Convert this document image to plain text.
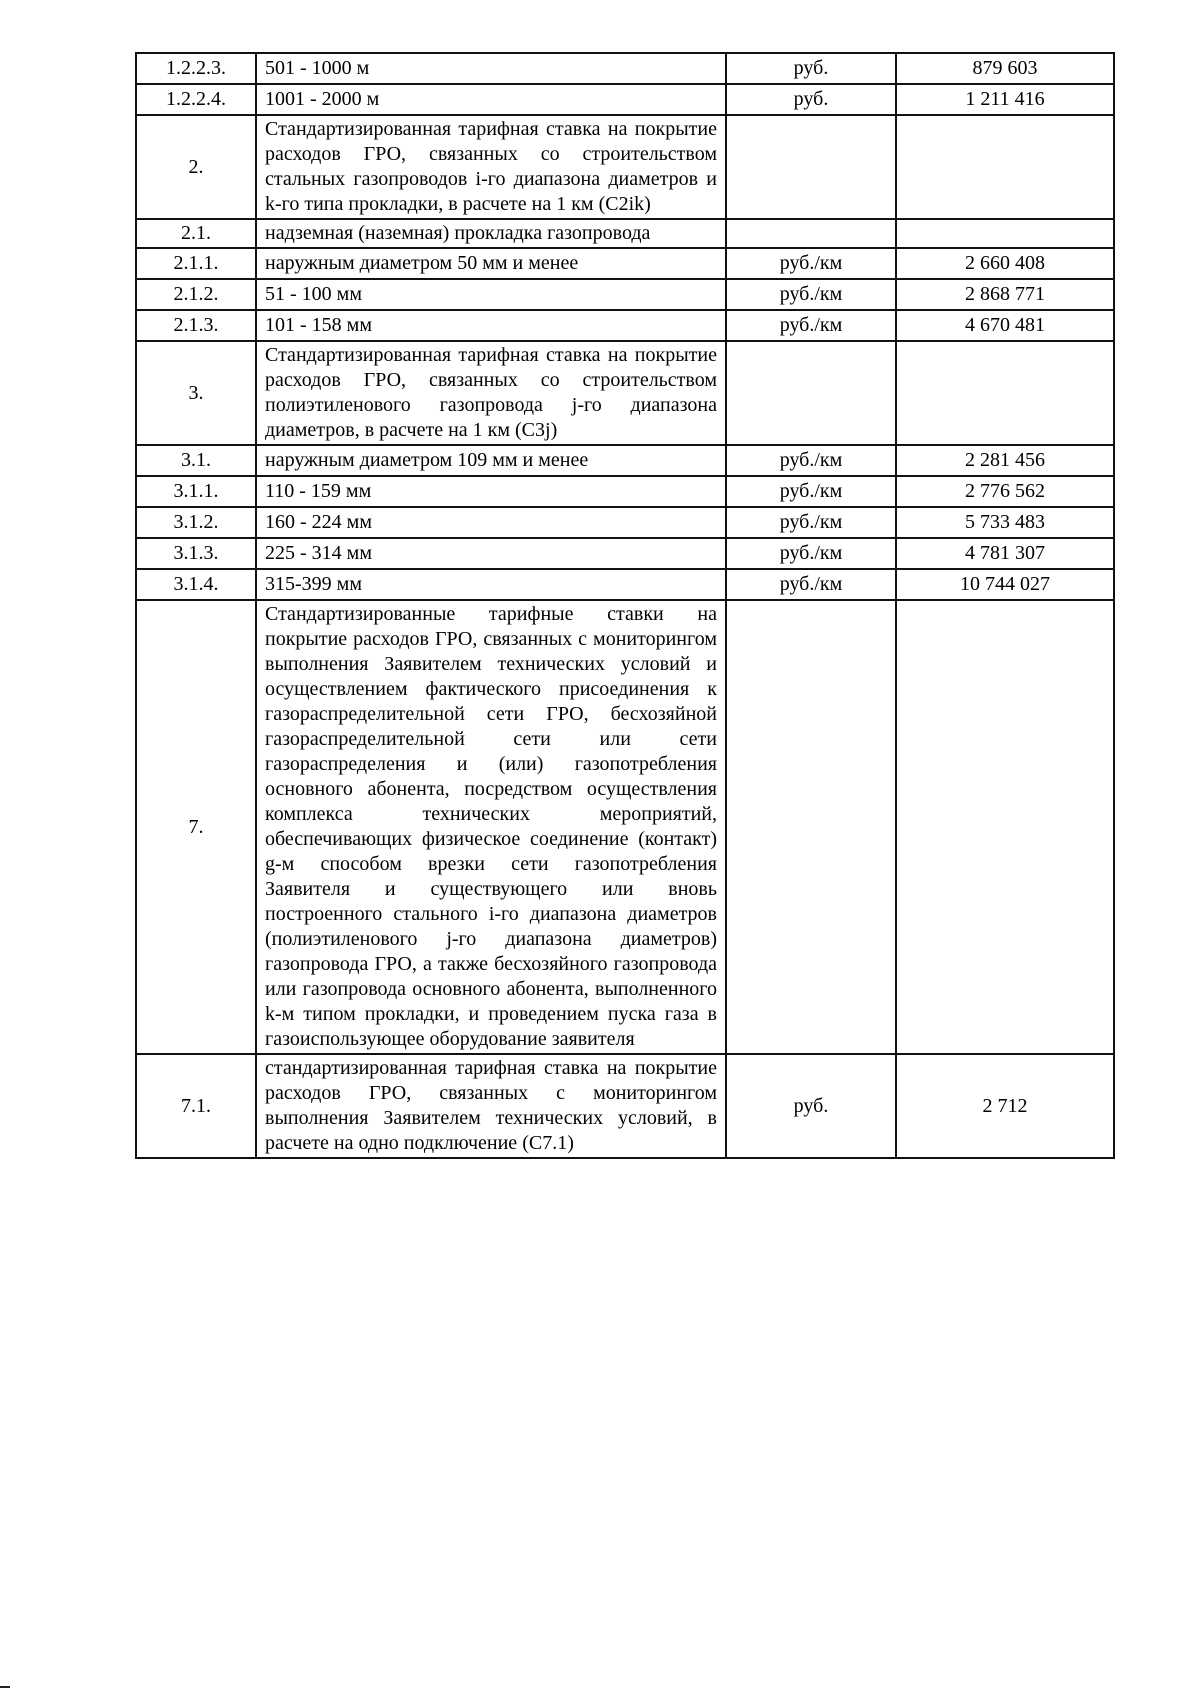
1.2.2.3.	501 - 1000 м	руб.	879 603
1.2.2.4.	1001 - 2000 м	руб.	1 211 416
2.	Стандартизированная тарифная ставка на покрытие расходов ГРО, связанных со строительством стальных газопроводов i-го диапазона диаметров и k-го типа прокладки, в расчете на 1 км (С2ik)		
2.1.	надземная (наземная) прокладка газопровода		
2.1.1.	наружным диаметром 50 мм и менее	руб./км	2 660 408
2.1.2.	51 - 100 мм	руб./км	2 868 771
2.1.3.	101 - 158 мм	руб./км	4 670 481
3.	Стандартизированная тарифная ставка на покрытие расходов ГРО, связанных со строительством полиэтиленового газопровода j-го диапазона диаметров, в расчете на 1 км (С3j)		
3.1.	наружным диаметром 109 мм и менее	руб./км	2 281 456
3.1.1.	110 - 159 мм	руб./км	2 776 562
3.1.2.	160 - 224 мм	руб./км	5 733 483
3.1.3.	225 - 314 мм	руб./км	4 781 307
3.1.4.	315-399 мм	руб./км	10 744 027
7.	Стандартизированные тарифные ставки на покрытие расходов ГРО, связанных с мониторингом выполнения Заявителем технических условий и осуществлением фактического присоединения к газораспределительной сети ГРО, бесхозяйной газораспределительной сети или сети газораспределения и (или) газопотребления основного абонента, посредством осуществления комплекса технических мероприятий, обеспечивающих физическое соединение (контакт) g-м способом врезки сети газопотребления Заявителя и существующего или вновь построенного стального i-го диапазона диаметров (полиэтиленового j-го диапазона диаметров) газопровода ГРО, а также бесхозяйного газопровода или газопровода основного абонента, выполненного k-м типом прокладки, и проведением пуска газа в газоиспользующее оборудование заявителя		
7.1.	стандартизированная тарифная ставка на покрытие расходов ГРО, связанных с мониторингом выполнения Заявителем технических условий, в расчете на одно подключение (С7.1)	руб.	2 712
